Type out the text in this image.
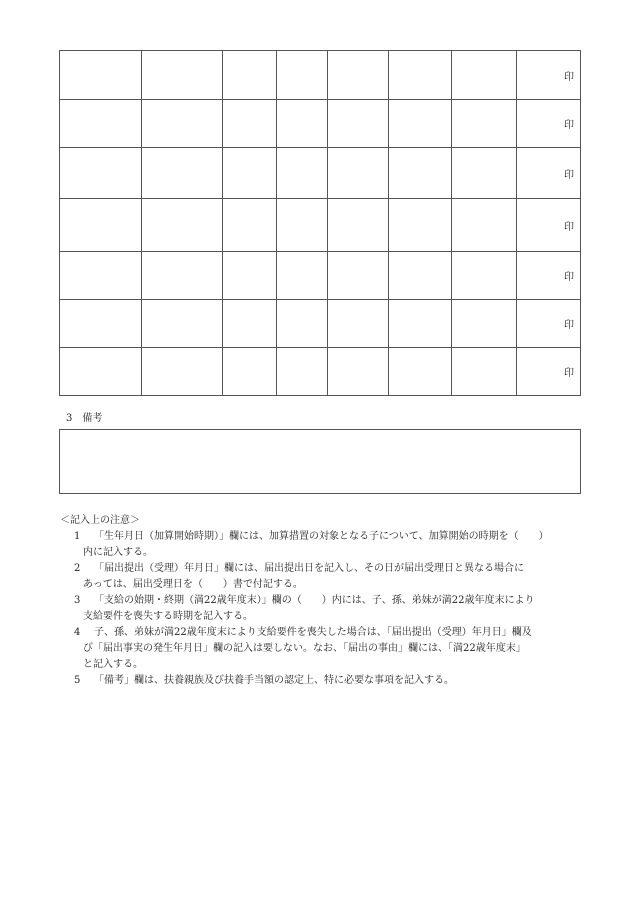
							印
							印
							印
							印
							印
							印
							印
3　備考
＜記入上の注意＞
1 「生年月日（加算開始時期）」欄には、加算措置の対象となる子について、加算開始の時期を（　　）
内に記入する。
2 「届出提出（受理）年月日」欄には、届出提出日を記入し、その日が届出受理日と異なる場合に
あっては、届出受理日を（　　）書で付記する。
3 「支給の始期・終期（満22歳年度末）」欄の（　　）内には、子、孫、弟妹が満22歳年度末により
支給要件を喪失する時期を記入する。
4 子、孫、弟妹が満22歳年度末により支給要件を喪失した場合は、「届出提出（受理）年月日」欄及
び「届出事実の発生年月日」欄の記入は要しない。なお、「届出の事由」欄には、「満22歳年度末」
と記入する。
5 「備考」欄は、扶養親族及び扶養手当額の認定上、特に必要な事項を記入する。
